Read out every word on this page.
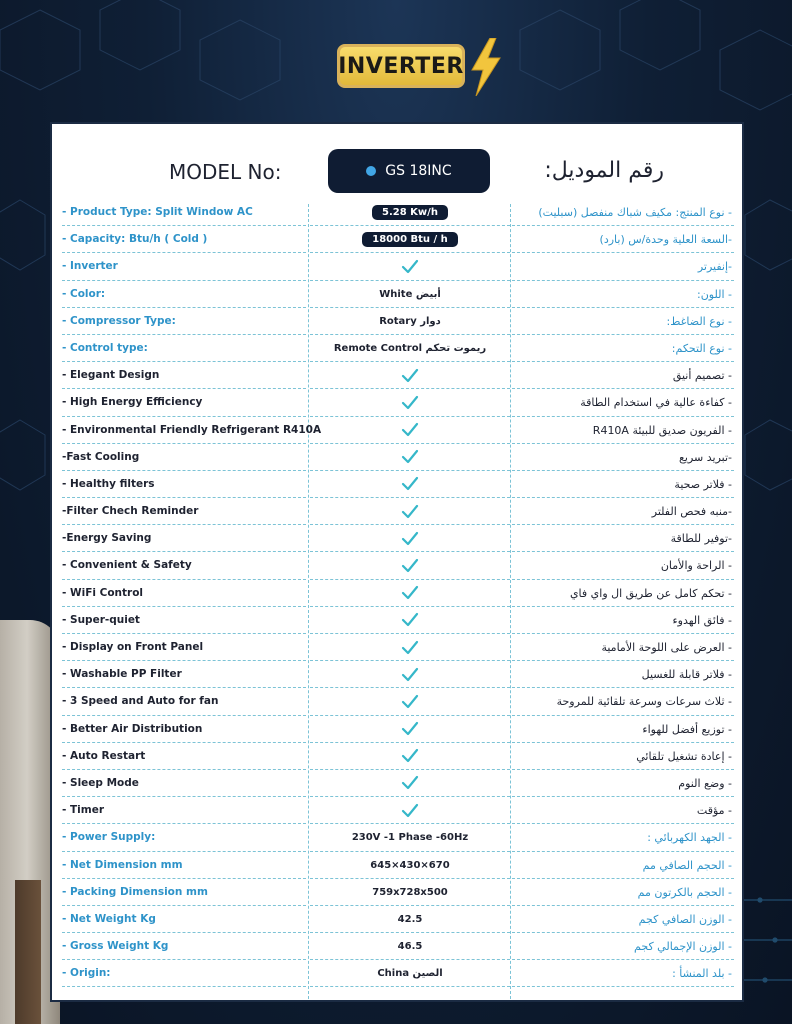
INVERTER
MODEL No:	GS 18INC	رقم الموديل:
- Product Type: Split Window AC	5.28 Kw/h	- نوع المنتج: مكيف شباك منفصل (سبليت)
- Capacity: Btu/h ( Cold )	18000 Btu / h	-السعة العلية وحدة/س (بارد)
- Inverter	-إنفيرتر
- Color:	White أبيض	- اللون:
- Compressor Type:	Rotary دوار	- نوع الضاغط:
- Control type:	Remote Control ريموت تحكم	- نوع التحكم:
- Elegant Design	- تصميم أنيق
- High Energy Efficiency	- كفاءة عالية في استخدام الطاقة
- Environmental Friendly Refrigerant R410A	- الفريون صديق للبيئة R410A
-Fast Cooling	-تبريد سريع
- Healthy filters	- فلاتر صحية
-Filter Chech Reminder	-منبه فحص الفلتر
-Energy Saving	-توفير للطاقة
- Convenient & Safety	- الراحة والأمان
- WiFi Control	- تحكم كامل عن طريق ال واي فاي
- Super-quiet	- فائق الهدوء
- Display on Front Panel	- العرض على اللوحة الأمامية
- Washable PP Filter	- فلاتر قابلة للغسيل
- 3 Speed and Auto for fan	- ثلاث سرعات وسرعة تلقائية للمروحة
- Better Air Distribution	- توزيع أفضل للهواء
- Auto Restart	- إعادة تشغيل تلقائي
- Sleep Mode	- وضع النوم
- Timer	- مؤقت
- Power Supply:	230V -1 Phase -60Hz	- الجهد الكهربائي :
- Net Dimension mm	645×430×670	- الحجم الصافي مم
- Packing Dimension mm	759x728x500	- الحجم بالكرتون مم
- Net Weight Kg	42.5	- الوزن الصافي كجم
- Gross Weight Kg	46.5	- الوزن الإجمالي كجم
- Origin:	China الصين	- بلد المنشأ :
